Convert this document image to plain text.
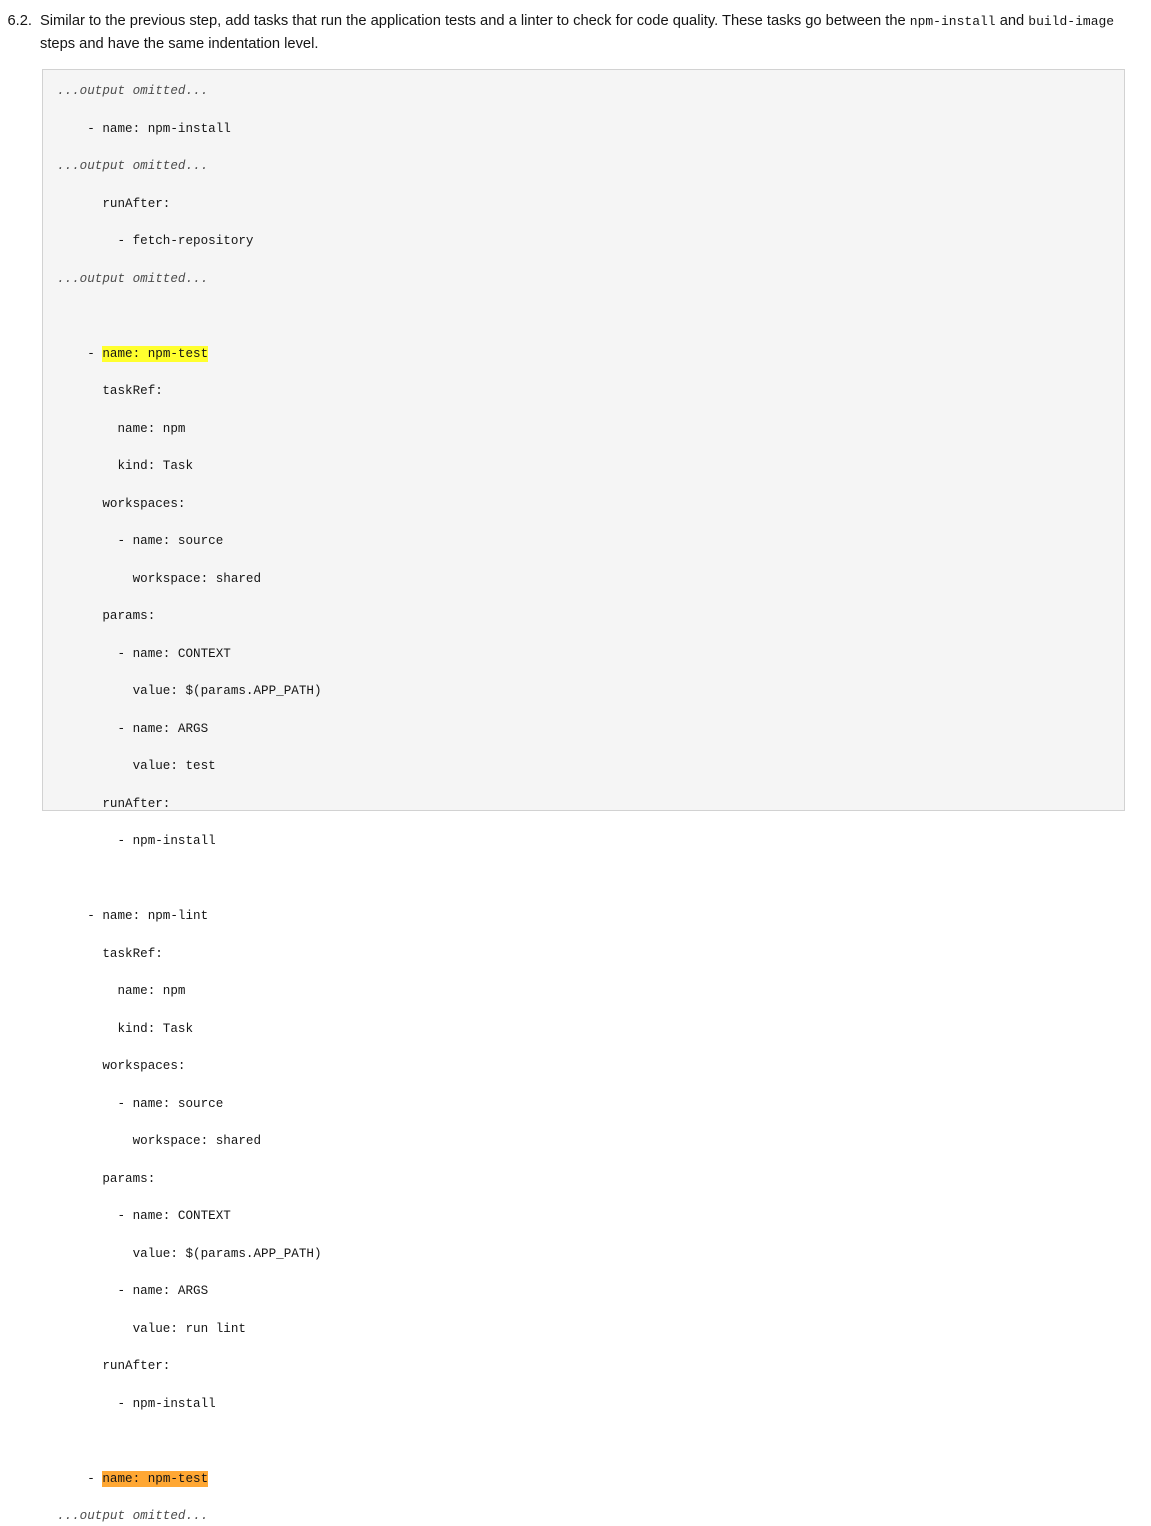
6.2. Similar to the previous step, add tasks that run the application tests and a linter to check for code quality. These tasks go between the npm-install and build-image steps and have the same indentation level.
...output omitted...

- name: npm-install

...output omitted...

runAfter:

- fetch-repository

...output omitted...

- name: npm-test

taskRef:

name: npm

kind: Task

workspaces:

- name: source

workspace: shared

params:

- name: CONTEXT

value: $(params.APP_PATH)

- name: ARGS

value: test

runAfter:

- npm-install

- name: npm-lint

taskRef:

name: npm

kind: Task

workspaces:

- name: source

workspace: shared

params:

- name: CONTEXT

value: $(params.APP_PATH)

- name: ARGS

value: run lint

runAfter:

- npm-install

- name: npm-test

...output omitted...
